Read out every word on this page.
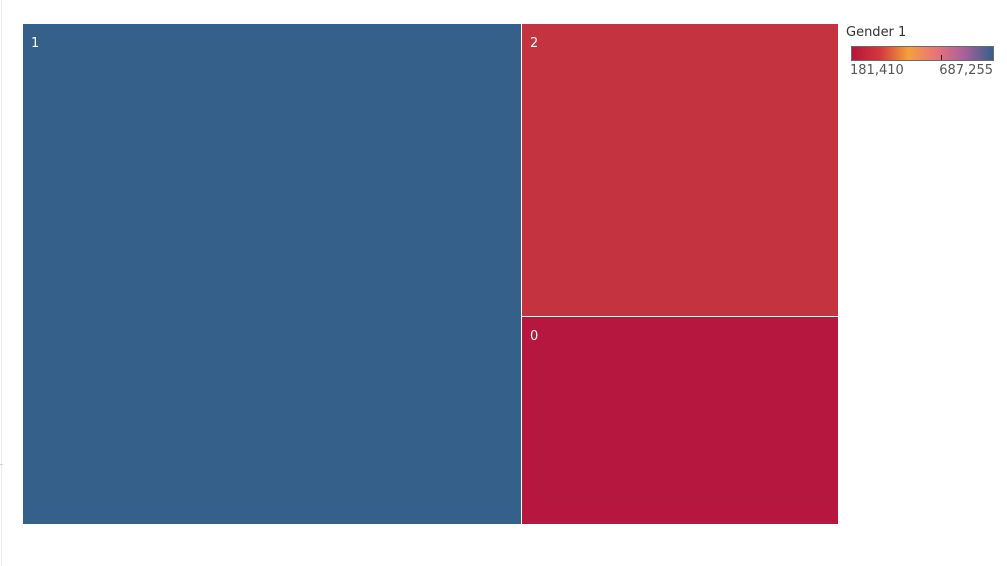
1	2
0
Gender 1
181,410	687,255
